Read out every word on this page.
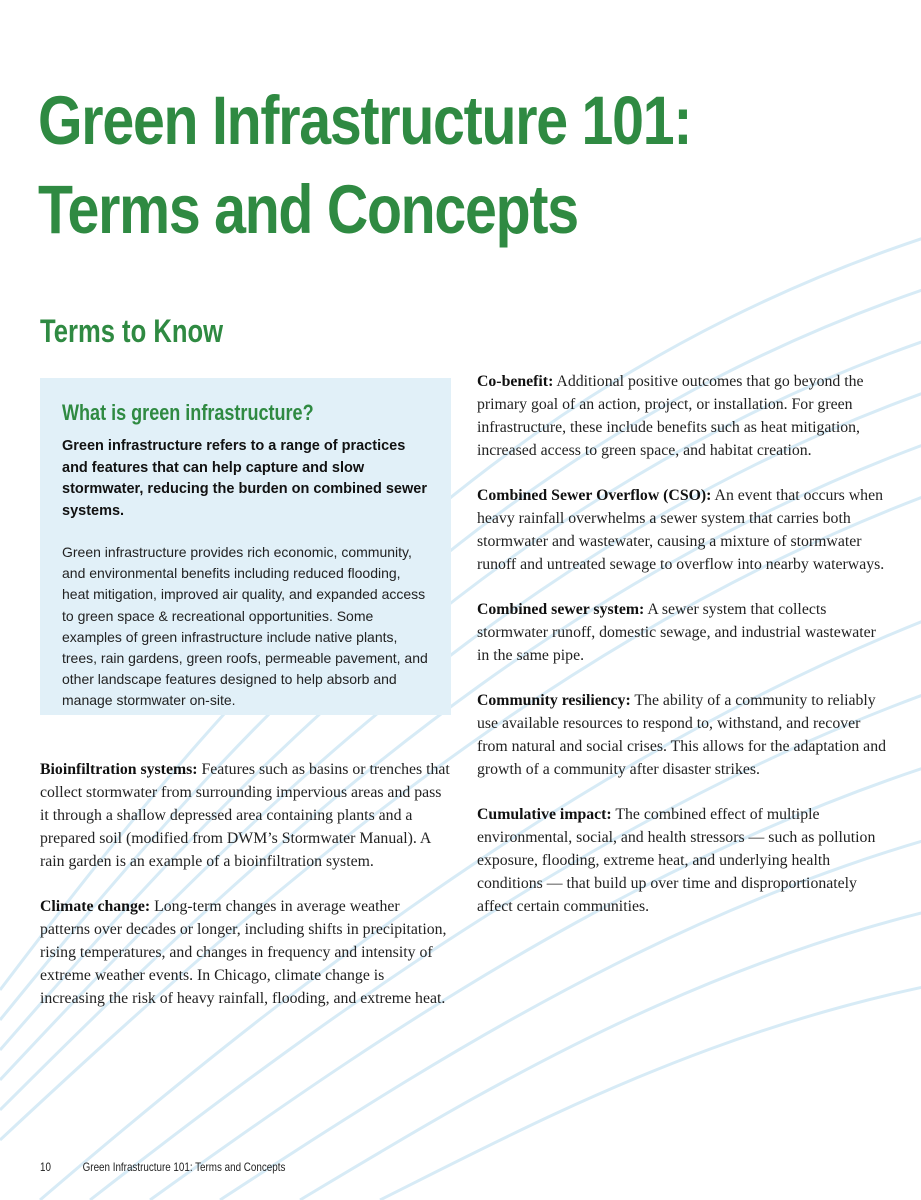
Green Infrastructure 101:
Terms and Concepts
Terms to Know
What is green infrastructure?

Green infrastructure refers to a range of practices and features that can help capture and slow stormwater, reducing the burden on combined sewer systems.

Green infrastructure provides rich economic, community, and environmental benefits including reduced flooding, heat mitigation, improved air quality, and expanded access to green space & recreational opportunities. Some examples of green infrastructure include native plants, trees, rain gardens, green roofs, permeable pavement, and other landscape features designed to help absorb and manage stormwater on-site.

Bioinfiltration systems: Features such as basins or trenches that collect stormwater from surrounding impervious areas and pass it through a shallow depressed area containing plants and a prepared soil (modified from DWM’s Stormwater Manual). A rain garden is an example of a bioinfiltration system.

Climate change: Long-term changes in average weather patterns over decades or longer, including shifts in precipitation, rising temperatures, and changes in frequency and intensity of extreme weather events. In Chicago, climate change is increasing the risk of heavy rainfall, flooding, and extreme heat.

Co-benefit: Additional positive outcomes that go beyond the primary goal of an action, project, or installation. For green infrastructure, these include benefits such as heat mitigation, increased access to green space, and habitat creation.

Combined Sewer Overflow (CSO): An event that occurs when heavy rainfall overwhelms a sewer system that carries both stormwater and wastewater, causing a mixture of stormwater runoff and untreated sewage to overflow into nearby waterways.

Combined sewer system: A sewer system that collects stormwater runoff, domestic sewage, and industrial wastewater in the same pipe.

Community resiliency: The ability of a community to reliably use available resources to respond to, withstand, and recover from natural and social crises. This allows for the adaptation and growth of a community after disaster strikes.

Cumulative impact: The combined effect of multiple environmental, social, and health stressors — such as pollution exposure, flooding, extreme heat, and underlying health conditions — that build up over time and disproportionately affect certain communities.

10	Green Infrastructure 101: Terms and Concepts
